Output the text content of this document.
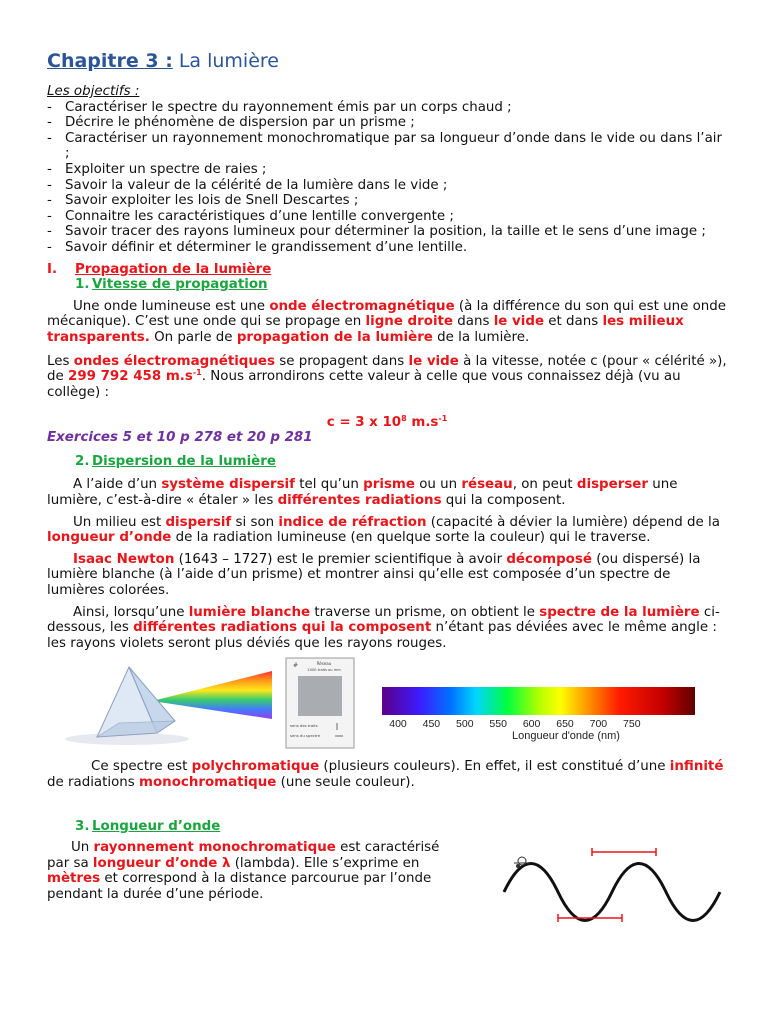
Chapitre 3 : La lumière

Les objectifs :

- Caractériser le spectre du rayonnement émis par un corps chaud ;
- Décrire le phénomène de dispersion par un prisme ;
- Caractériser un rayonnement monochromatique par sa longueur d’onde dans le vide ou dans l’air ;
- Exploiter un spectre de raies ;
- Savoir la valeur de la célérité de la lumière dans le vide ;
- Savoir exploiter les lois de Snell Descartes ;
- Connaitre les caractéristiques d’une lentille convergente ;
- Savoir tracer des rayons lumineux pour déterminer la position, la taille et le sens d’une image ;
- Savoir définir et déterminer le grandissement d’une lentille.
I. Propagation de la lumière
1. Vitesse de propagation

Une onde lumineuse est une onde électromagnétique (à la différence du son qui est une onde mécanique). C’est une onde qui se propage en ligne droite dans le vide et dans les milieux transparents. On parle de propagation de la lumière de la lumière.

Les ondes électromagnétiques se propagent dans le vide à la vitesse, notée c (pour « célérité »), de 299 792 458 $m.s^{-1}$. Nous arrondirons cette valeur à celle que vous connaissez déjà (vu au collège) :

c = 3 x $10^8$ $m.s^{-1}$
Exercices 5 et 10 p 278 et 20 p 281
2. Dispersion de la lumière

A l’aide d’un système dispersif tel qu’un prisme ou un réseau, on peut disperser une lumière, c’est-à-dire « étaler » les différentes radiations qui la composent.

Un milieu est dispersif si son indice de réfraction (capacité à dévier la lumière) dépend de la longueur d’onde de la radiation lumineuse (en quelque sorte la couleur) qui le traverse.

Isaac Newton (1643 – 1727) est le premier scientifique à avoir décomposé (ou dispersé) la lumière blanche (à l’aide d’un prisme) et montrer ainsi qu’elle est composée d’un spectre de lumières colorées.

Ainsi, lorsqu’une lumière blanche traverse un prisme, on obtient le spectre de la lumière ci-dessous, les différentes radiations qui la composent n’étant pas déviées avec le même angle : les rayons violets seront plus déviés que les rayons rouges.

#	Réseau
1000 traits ou mm
sens des traits
sens du spectre
400 450 500 550 600 650 700 750
Longueur d'onde (nm)

Ce spectre est polychromatique (plusieurs couleurs). En effet, il est constitué d’une infinité de radiations monochromatique (une seule couleur).

3. Longueur d’onde

Un rayonnement monochromatique est caractérisé par sa longueur d’onde λ (lambda). Elle s’exprime en mètres et correspond à la distance parcourue par l’onde pendant la durée d’une période.
